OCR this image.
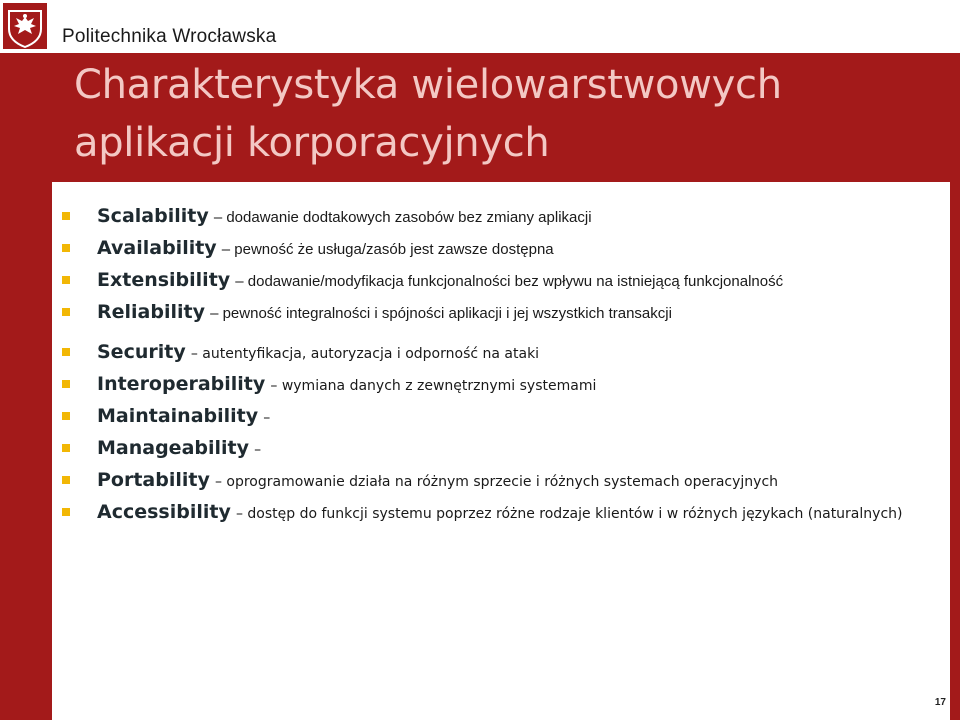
Politechnika Wrocławska
Charakterystyka wielowarstwowych aplikacji korporacyjnych
Scalability – dodawanie dodtakowych zasobów bez zmiany aplikacji
Availability – pewność że usługa/zasób jest zawsze dostępna
Extensibility – dodawanie/modyfikacja funkcjonalności bez wpływu na istniejącą funkcjonalność
Reliability – pewność integralności i spójności aplikacji i jej wszystkich transakcji
Security – autentyfikacja, autoryzacja i odporność na ataki
Interoperability – wymiana danych z zewnętrznymi systemami
Maintainability –
Manageability –
Portability – oprogramowanie działa na różnym sprzecie i różnych systemach operacyjnych
Accessibility – dostęp do funkcji systemu poprzez różne rodzaje klientów i w różnych językach (naturalnych)
17
